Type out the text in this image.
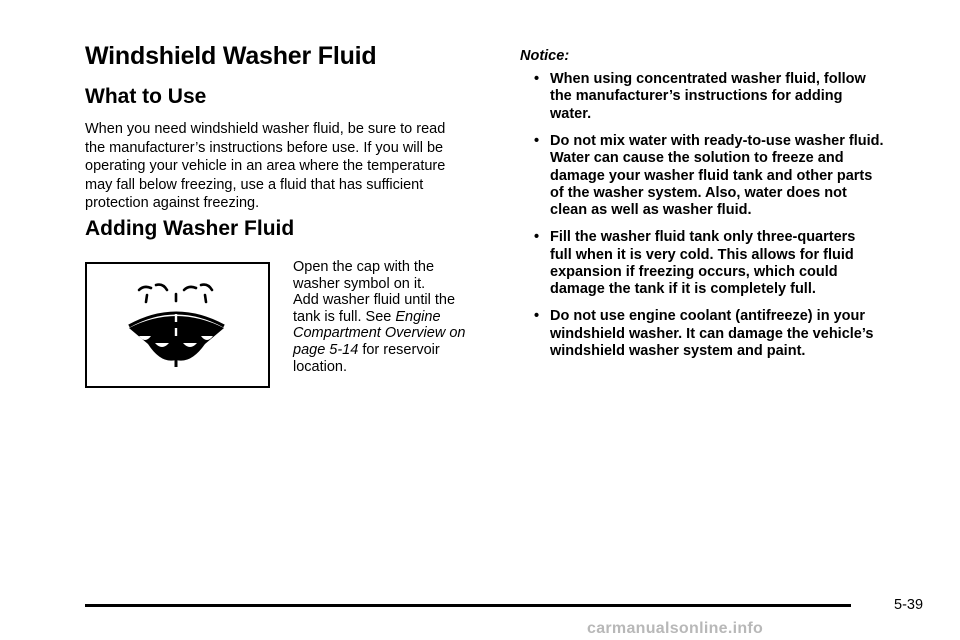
Windshield Washer Fluid
What to Use

When you need windshield washer fluid, be sure to read
the manufacturer’s instructions before use. If you will be
operating your vehicle in an area where the temperature
may fall below freezing, use a fluid that has sufficient
protection against freezing.

Adding Washer Fluid
Open the cap with the
washer symbol on it.
Add washer fluid until the
tank is full. See Engine
Compartment Overview on
page 5-14 for reservoir
location.
Notice:
• When using concentrated washer fluid, follow
the manufacturer’s instructions for adding
water.
• Do not mix water with ready-to-use washer fluid.
Water can cause the solution to freeze and
damage your washer fluid tank and other parts
of the washer system. Also, water does not
clean as well as washer fluid.
• Fill the washer fluid tank only three-quarters
full when it is very cold. This allows for fluid
expansion if freezing occurs, which could
damage the tank if it is completely full.
• Do not use engine coolant (antifreeze) in your
windshield washer. It can damage the vehicle’s
windshield washer system and paint.
5-39
carmanualsonline.info
